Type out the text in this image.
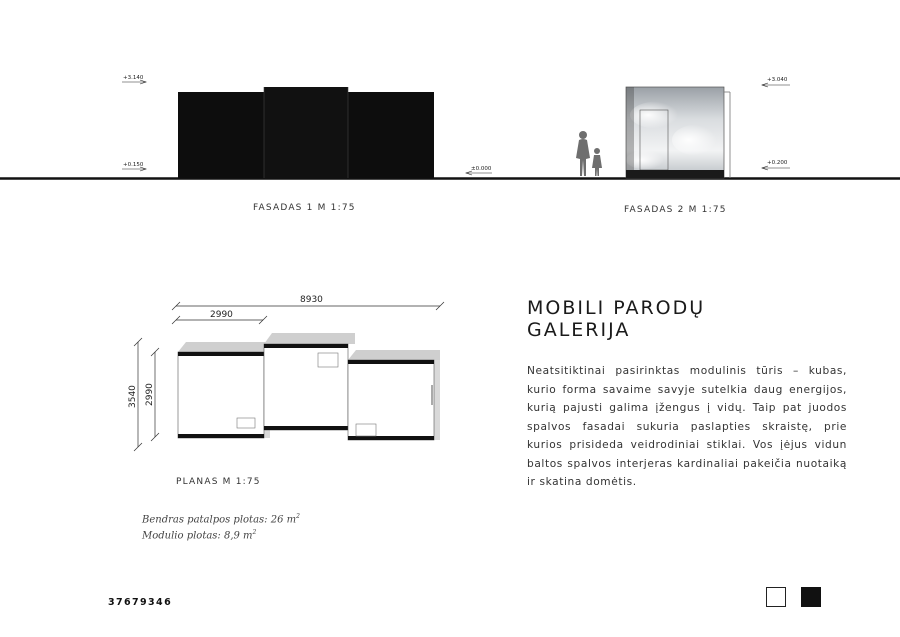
+3.140
+0.150
±0.000
+3.040
+0.200
FASADAS 1 M 1:75	FASADAS 2 M 1:75
8930
2990
3540 2990
PLANAS M 1:75
Bendras patalpos plotas: 26 $m^2$
Modulio plotas: 8,9 $m^2$
MOBILI PARODŲ
GALERIJA
Neatsitiktinai pasirinktas modulinis tūris – kubas, kurio forma savaime savyje sutelkia daug energijos, kurią pajusti galima įžengus į vidų. Taip pat juodos spalvos fasadai sukuria paslapties skraistę, prie kurios prisideda veidrodiniai stiklai. Vos įėjus vidun baltos spalvos interjeras kardinaliai pakeičia nuotaiką ir skatina domėtis.
37679346
